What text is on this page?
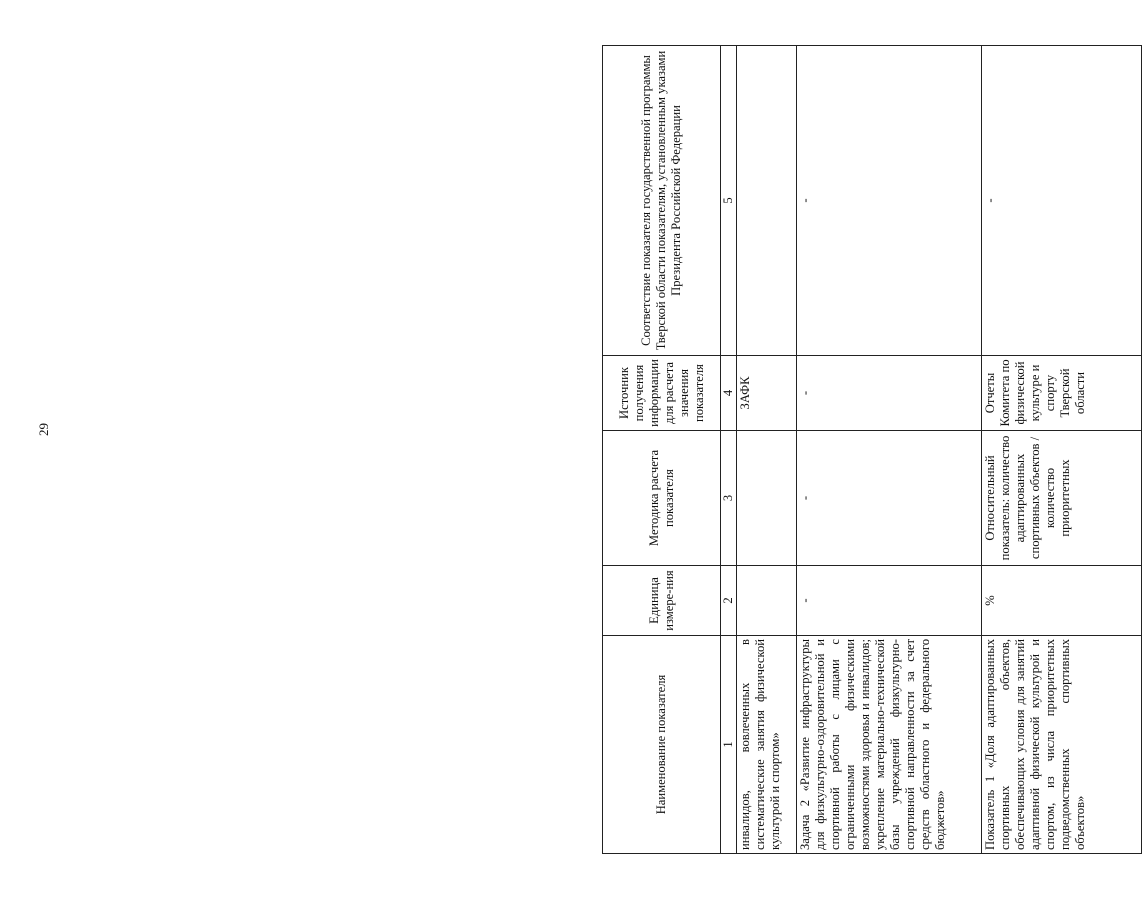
29
Наименование показателя	Единица измере-ния	Методика расчета показателя	Источник получения информации для расчета значения показателя	Соответствие показателя государственной программы Тверской области показателям, установленным указами Президента Российской Федерации
1	2	3	4	5
инвалидов, вовлеченных в систематические занятия физической культурой и спортом»			ЗАФК	
Задача 2 «Развитие инфраструктуры для физкультурно-оздоровительной и спортивной работы с лицами с ограниченными физическими возможностями здоровья и инвалидов; укрепление материально-технической базы учреждений физкультурно-спортивной направленности за счет средств областного и федерального бюджетов»	-	-	-	-
Показатель 1 «Доля адаптированных спортивных объектов, обеспечивающих условия для занятий адаптивной физической культурой и спортом, из числа приоритетных подведомственных спортивных объектов»	%	Относительный показатель: количество адаптированных спортивных объектов / количество приоритетных	Отчеты Комитета по физической культуре и спорту Тверской области	-
